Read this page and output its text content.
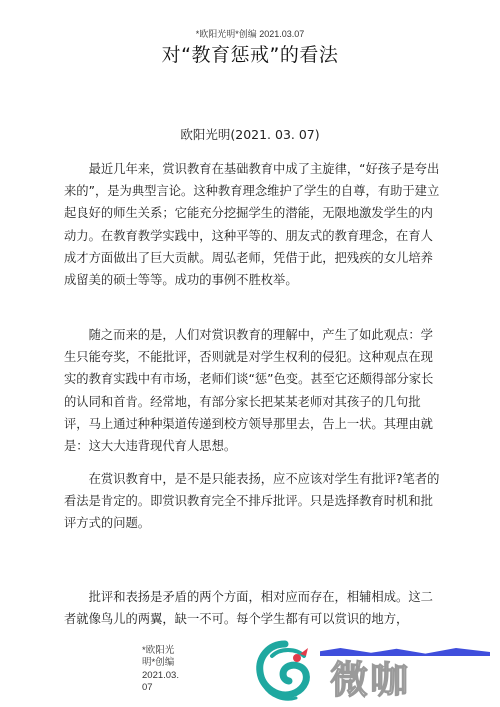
*欧阳光明*创编 2021.03.07
对“教育惩戒”的看法
欧阳光明(2021. 03. 07)

最近几年来，赏识教育在基础教育中成了主旋律，“好孩子是夸出来的”，是为典型言论。这种教育理念维护了学生的自尊，有助于建立起良好的师生关系；它能充分挖掘学生的潜能，无限地激发学生的内动力。在教育教学实践中，这种平等的、朋友式的教育理念，在育人成才方面做出了巨大贡献。周弘老师，凭借于此，把残疾的女儿培养成留美的硕士等等。成功的事例不胜枚举。

随之而来的是，人们对赏识教育的理解中，产生了如此观点：学生只能夸奖，不能批评，否则就是对学生权利的侵犯。这种观点在现实的教育实践中有市场，老师们谈“惩”色变。甚至它还颇得部分家长的认同和首肯。经常地，有部分家长把某某老师对其孩子的几句批评，马上通过种种渠道传递到校方领导那里去，告上一状。其理由就是：这大大违背现代育人思想。

在赏识教育中，是不是只能表扬，应不应该对学生有批评?笔者的看法是肯定的。即赏识教育完全不排斥批评。只是选择教育时机和批评方式的问题。

批评和表扬是矛盾的两个方面，相对应而存在，相辅相成。这二者就像鸟儿的两翼，缺一不可。每个学生都有可以赏识的地方，

*欧阳光明*创编 2021.03.07	微咖
